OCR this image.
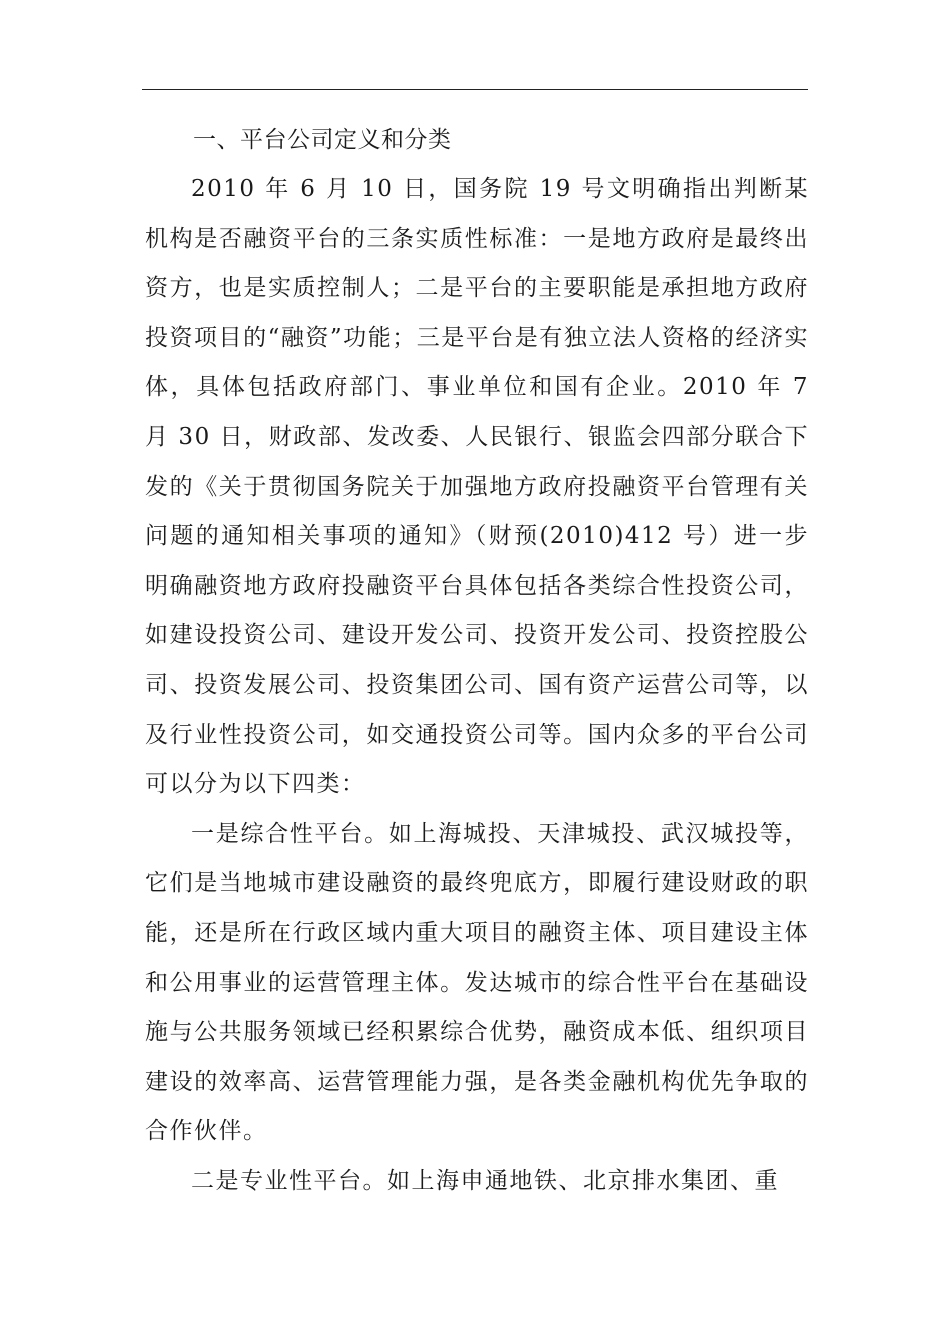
一、平台公司定义和分类

2010 年 6 月 10 日，国务院 19 号文明确指出判断某机构是否融资平台的三条实质性标准：一是地方政府是最终出资方，也是实质控制人；二是平台的主要职能是承担地方政府投资项目的“融资”功能；三是平台是有独立法人资格的经济实体，具体包括政府部门、事业单位和国有企业。2010 年 7 月 30 日，财政部、发改委、人民银行、银监会四部分联合下发的《关于贯彻国务院关于加强地方政府投融资平台管理有关问题的通知相关事项的通知》（财预(2010)412 号）进一步明确融资地方政府投融资平台具体包括各类综合性投资公司，如建设投资公司、建设开发公司、投资开发公司、投资控股公司、投资发展公司、投资集团公司、国有资产运营公司等，以及行业性投资公司，如交通投资公司等。国内众多的平台公司可以分为以下四类：

一是综合性平台。如上海城投、天津城投、武汉城投等，它们是当地城市建设融资的最终兜底方，即履行建设财政的职能，还是所在行政区域内重大项目的融资主体、项目建设主体和公用事业的运营管理主体。发达城市的综合性平台在基础设施与公共服务领域已经积累综合优势，融资成本低、组织项目建设的效率高、运营管理能力强，是各类金融机构优先争取的合作伙伴。

二是专业性平台。如上海申通地铁、北京排水集团、重
